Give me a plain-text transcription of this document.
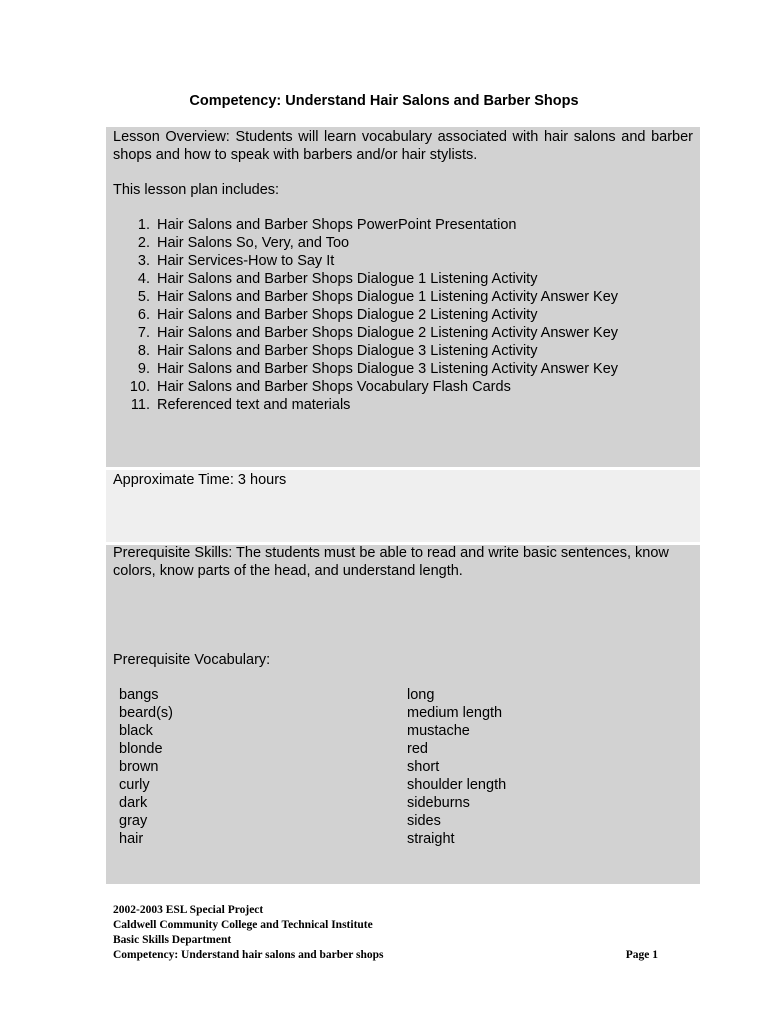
Competency: Understand Hair Salons and Barber Shops

Lesson Overview: Students will learn vocabulary associated with hair salons and barber shops and how to speak with barbers and/or hair stylists.

This lesson plan includes:

1. Hair Salons and Barber Shops PowerPoint Presentation
2. Hair Salons So, Very, and Too
3. Hair Services-How to Say It
4. Hair Salons and Barber Shops Dialogue 1 Listening Activity
5. Hair Salons and Barber Shops Dialogue 1 Listening Activity Answer Key
6. Hair Salons and Barber Shops Dialogue 2 Listening Activity
7. Hair Salons and Barber Shops Dialogue 2 Listening Activity Answer Key
8. Hair Salons and Barber Shops Dialogue 3 Listening Activity
9. Hair Salons and Barber Shops Dialogue 3 Listening Activity Answer Key
10. Hair Salons and Barber Shops Vocabulary Flash Cards
11. Referenced text and materials

Approximate Time: 3 hours

Prerequisite Skills: The students must be able to read and write basic sentences, know colors, know parts of the head, and understand length.

Prerequisite Vocabulary:

bangs
beard(s)
black
blonde
brown
curly
dark
gray
hair
long
medium length
mustache
red
short
shoulder length
sideburns
sides
straight
2002-2003 ESL Special Project
Caldwell Community College and Technical Institute
Basic Skills Department
Competency: Understand hair salons and barber shops	Page 1
